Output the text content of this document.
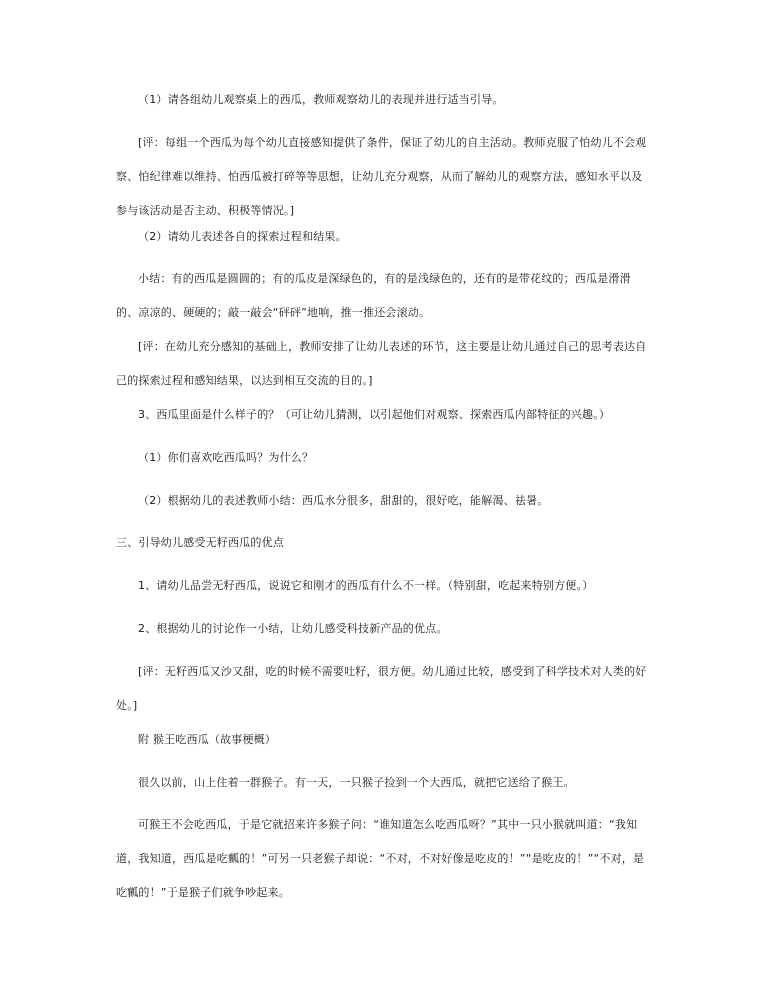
（1）请各组幼儿观察桌上的西瓜，教师观察幼儿的表现并进行适当引导。

[评：每组一个西瓜为每个幼儿直接感知提供了条件，保证了幼儿的自主活动。教师克服了怕幼儿不会观察、怕纪律难以维持、怕西瓜被打碎等等思想，让幼儿充分观察，从而了解幼儿的观察方法，感知水平以及参与该活动是否主动、积极等情况。]

（2）请幼儿表述各自的探索过程和结果。

小结：有的西瓜是圆圆的；有的瓜皮是深绿色的，有的是浅绿色的，还有的是带花纹的；西瓜是滑滑的、凉凉的、硬硬的；敲一敲会“砰砰”地响，推一推还会滚动。

[评：在幼儿充分感知的基础上，教师安排了让幼儿表述的环节，这主要是让幼儿通过自己的思考表达自己的探索过程和感知结果，以达到相互交流的目的。]

3、西瓜里面是什么样子的？（可让幼儿猜测，以引起他们对观察、探索西瓜内部特征的兴趣。）

（1）你们喜欢吃西瓜吗？为什么？

（2）根据幼儿的表述教师小结：西瓜水分很多，甜甜的，很好吃，能解渴、祛暑。

三、引导幼儿感受无籽西瓜的优点

1、请幼儿品尝无籽西瓜，说说它和刚才的西瓜有什么不一样。（特别甜，吃起来特别方便。）

2、根据幼儿的讨论作一小结，让幼儿感受科技新产品的优点。

[评：无籽西瓜又沙又甜，吃的时候不需要吐籽，很方便。幼儿通过比较，感受到了科学技术对人类的好处。]

附 猴王吃西瓜（故事梗概）

很久以前，山上住着一群猴子。有一天，一只猴子捡到一个大西瓜，就把它送给了猴王。

可猴王不会吃西瓜，于是它就招来许多猴子问：“谁知道怎么吃西瓜呀？”其中一只小猴就叫道：“我知道，我知道，西瓜是吃瓤的！”可另一只老猴子却说：“不对，不对好像是吃皮的！”“是吃皮的！”“不对，是吃瓤的！”于是猴子们就争吵起来。
